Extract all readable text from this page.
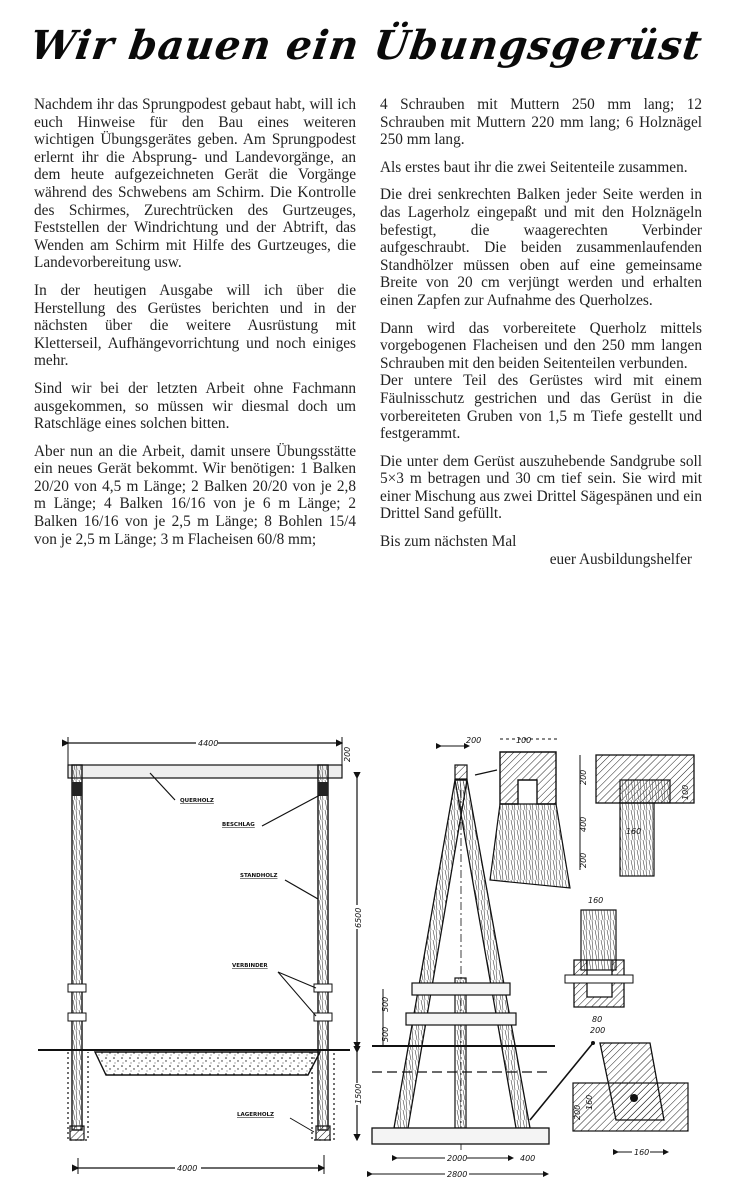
Wir bauen ein Übungsgerüst

Nachdem ihr das Sprungpodest gebaut habt, will ich euch Hinweise für den Bau eines weiteren wichtigen Übungsgerätes geben. Am Sprungpodest erlernt ihr die Absprung- und Landevorgänge, an dem heute aufgezeichneten Gerät die Vorgänge während des Schwebens am Schirm. Die Kontrolle des Schirmes, Zurechtrücken des Gurtzeuges, Feststellen der Windrichtung und der Abtrift, das Wenden am Schirm mit Hilfe des Gurtzeuges, die Landevorbereitung usw.

In der heutigen Ausgabe will ich über die Herstellung des Gerüstes berichten und in der nächsten über die weitere Ausrüstung mit Kletterseil, Aufhängevorrichtung und noch einiges mehr.

Sind wir bei der letzten Arbeit ohne Fachmann ausgekommen, so müssen wir diesmal doch um Ratschläge eines solchen bitten.

Aber nun an die Arbeit, damit unsere Übungsstätte ein neues Gerät bekommt. Wir benötigen: 1 Balken 20/20 von 4,5 m Länge; 2 Balken 20/20 von je 2,8 m Länge; 4 Balken 16/16 von je 6 m Länge; 2 Balken 16/16 von je 2,5 m Länge; 8 Bohlen 15/4 von je 2,5 m Länge; 3 m Flacheisen 60/8 mm;

4 Schrauben mit Muttern 250 mm lang; 12 Schrauben mit Muttern 220 mm lang; 6 Holznägel 250 mm lang.

Als erstes baut ihr die zwei Seitenteile zusammen.

Die drei senkrechten Balken jeder Seite werden in das Lagerholz eingepaßt und mit den Holznägeln befestigt, die waagerechten Verbinder aufgeschraubt. Die beiden zusammenlaufenden Standhölzer müssen oben auf eine gemeinsame Breite von 20 cm verjüngt werden und erhalten einen Zapfen zur Aufnahme des Querholzes.

Dann wird das vorbereitete Querholz mittels vorgebogenen Flacheisen und den 250 mm langen Schrauben mit den beiden Seitenteilen verbunden.

Der untere Teil des Gerüstes wird mit einem Fäulnisschutz gestrichen und das Gerüst in die vorbereiteten Gruben von 1,5 m Tiefe gestellt und festgerammt.

Die unter dem Gerüst auszuhebende Sandgrube soll 5×3 m betragen und 30 cm tief sein. Sie wird mit einer Mischung aus zwei Drittel Sägespänen und ein Drittel Sand gefüllt.

Bis zum nächsten Mal

euer Ausbildungshelfer

4400
200
6500
1500
4000
QUERHOLZ
BESCHLAG
STANDHOLZ
VERBINDER
LAGERHOLZ
200
500
500
2000	400
2800
100
200
400
200
100
160
160
80
200
200
160
160
